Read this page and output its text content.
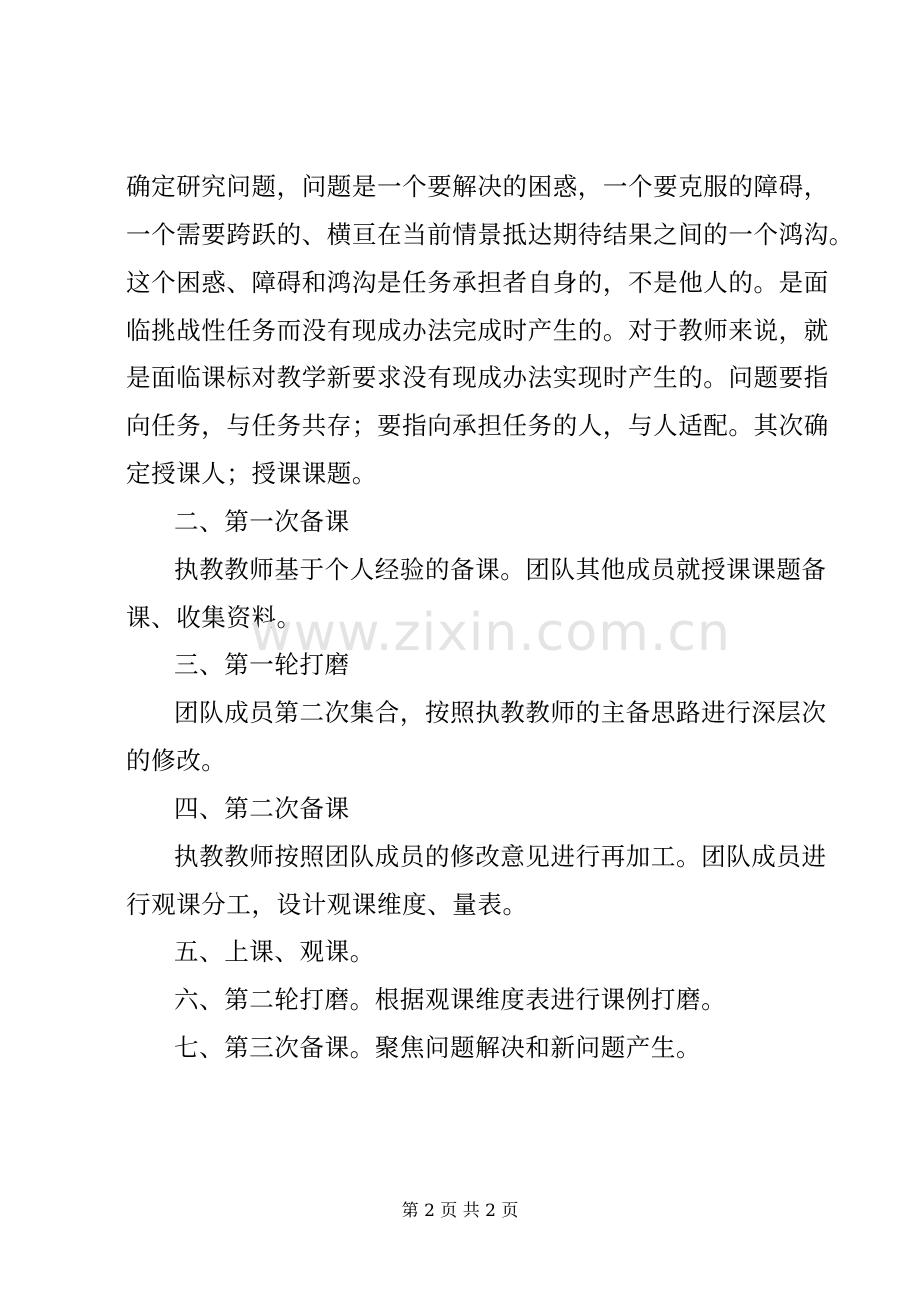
确定研究问题，问题是一个要解决的困惑，一个要克服的障碍，
一个需要跨跃的、横亘在当前情景抵达期待结果之间的一个鸿沟。
这个困惑、障碍和鸿沟是任务承担者自身的，不是他人的。是面
临挑战性任务而没有现成办法完成时产生的。对于教师来说，就
是面临课标对教学新要求没有现成办法实现时产生的。问题要指
向任务，与任务共存；要指向承担任务的人，与人适配。其次确
定授课人；授课课题。
二、第一次备课
执教教师基于个人经验的备课。团队其他成员就授课课题备
课、收集资料。
三、第一轮打磨
团队成员第二次集合，按照执教教师的主备思路进行深层次
的修改。
四、第二次备课
执教教师按照团队成员的修改意见进行再加工。团队成员进
行观课分工，设计观课维度、量表。
五、上课、观课。
六、第二轮打磨。根据观课维度表进行课例打磨。
七、第三次备课。聚焦问题解决和新问题产生。
www.zixin.com.cn
第 2 页 共 2 页
